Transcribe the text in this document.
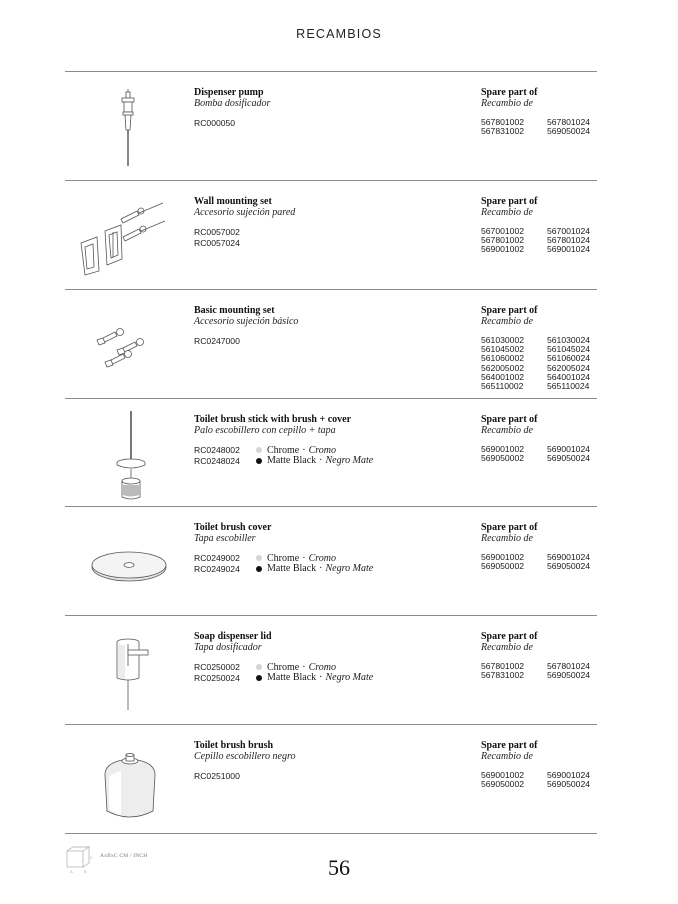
RECAMBIOS
Dispenser pump
Bomba dosificador
RC000050
Spare part of
Recambio de
567801002	567801024
567831002	569050024
Wall mounting set
Accesorio sujeción pared
RC0057002
RC0057024
Spare part of
Recambio de
567001002	567001024
567801002	567801024
569001002	569001024
Basic mounting set
Accesorio sujeción básico
RC0247000
Spare part of
Recambio de
561030002	561030024
561045002	561045024
561060002	561060024
562005002	562005024
564001002	564001024
565110002	565110024
Toilet brush stick with brush + cover
Palo escobillero con cepillo + tapa
RC0248002	Chrome · Cromo
RC0248024	Matte Black · Negro Mate
Spare part of
Recambio de
569001002	569001024
569050002	569050024
Toilet brush cover
Tapa escobiller
RC0249002	Chrome · Cromo
RC0249024	Matte Black · Negro Mate
Spare part of
Recambio de
569001002	569001024
569050002	569050024
Soap dispenser lid
Tapa dosificador
RC0250002	Chrome · Cromo
RC0250024	Matte Black · Negro Mate
Spare part of
Recambio de
567801002	567801024
567831002	569050024
Toilet brush brush
Cepillo escobillero negro
RC0251000
Spare part of
Recambio de
569001002	569001024
569050002	569050024
A	B
C AxBxC CM / INCH	56
